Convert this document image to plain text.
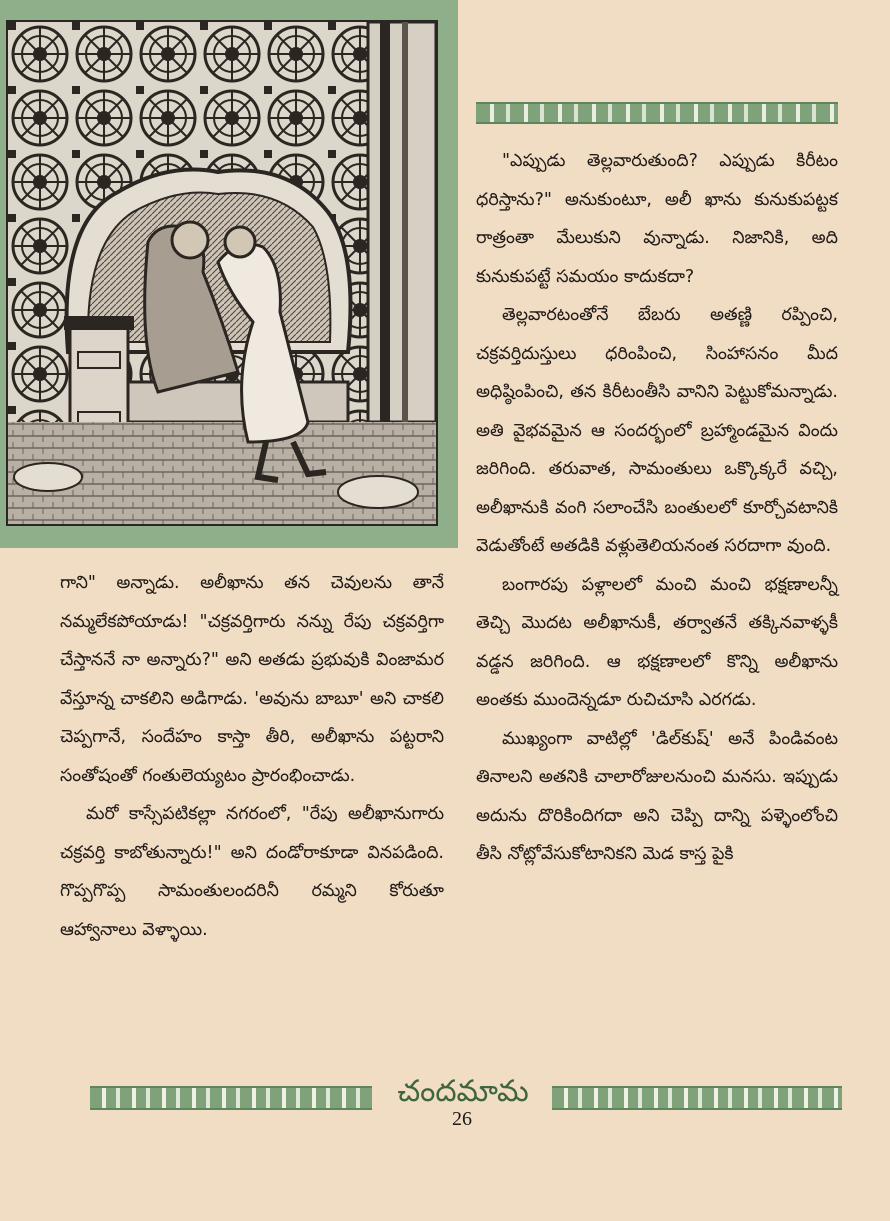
గాని" అన్నాడు. అలీఖాను తన చెవులను తానే నమ్మలేకపోయాడు! "చక్రవర్తిగారు నన్ను రేపు చక్రవర్తిగా చేస్తాననే నా అన్నారు?" అని అతడు ప్రభువుకి వింజామర వేస్తూన్న చాకలిని అడిగాడు. 'అవును బాబూ' అని చాకలి చెప్పగానే, సందేహం కాస్తా తీరి, అలీఖాను పట్టరాని సంతోషంతో గంతులెయ్యటం ప్రారంభించాడు.

మరో కాస్సేపటికల్లా నగరంలో, "రేపు అలీఖానుగారు చక్రవర్తి కాబోతున్నారు!" అని దండోరాకూడా వినపడింది. గొప్పగొప్ప సామంతులందరినీ రమ్మని కోరుతూ ఆహ్వానాలు వెళ్ళాయి.

"ఎప్పుడు తెల్లవారుతుంది? ఎప్పుడు కిరీటం ధరిస్తాను?" అనుకుంటూ, అలీ ఖాను కునుకుపట్టక రాత్రంతా మేలుకుని వున్నాడు. నిజానికి, అది కునుకుపట్టే సమయం కాదుకదా?

తెల్లవారటంతోనే బేబరు అతణ్ణి రప్పించి, చక్రవర్తిదుస్తులు ధరింపించి, సింహాసనం మీద అధిష్ఠింపించి, తన కిరీటంతీసి వానిని పెట్టుకోమన్నాడు. అతి వైభవమైన ఆ సందర్భంలో బ్రహ్మాండమైన విందు జరిగింది. తరువాత, సామంతులు ఒక్కొక్కరే వచ్చి, అలీఖానుకి వంగి సలాంచేసి బంతులలో కూర్చోవటానికి వెడుతోంటే అతడికి వళ్లుతెలియనంత సరదాగా వుంది.

బంగారపు పళ్లాలలో మంచి మంచి భక్షణాలన్నీ తెచ్చి మొదట అలీఖానుకీ, తర్వాతనే తక్కినవాళ్ళకీ వడ్డన జరిగింది. ఆ భక్షణాలలో కొన్ని అలీఖాను అంతకు ముందెన్నడూ రుచిచూసి ఎరగడు.

ముఖ్యంగా వాటిల్లో 'డిల్‌కుష్' అనే పిండివంట తినాలని అతనికి చాలారోజులనుంచి మనసు. ఇప్పుడు అదును దొరికిందిగదా అని చెప్పి దాన్ని పళ్ళెంలోంచి తీసి నోట్లోవేసుకోటానికని మెడ కాస్త పైకి

చందమామ
26
